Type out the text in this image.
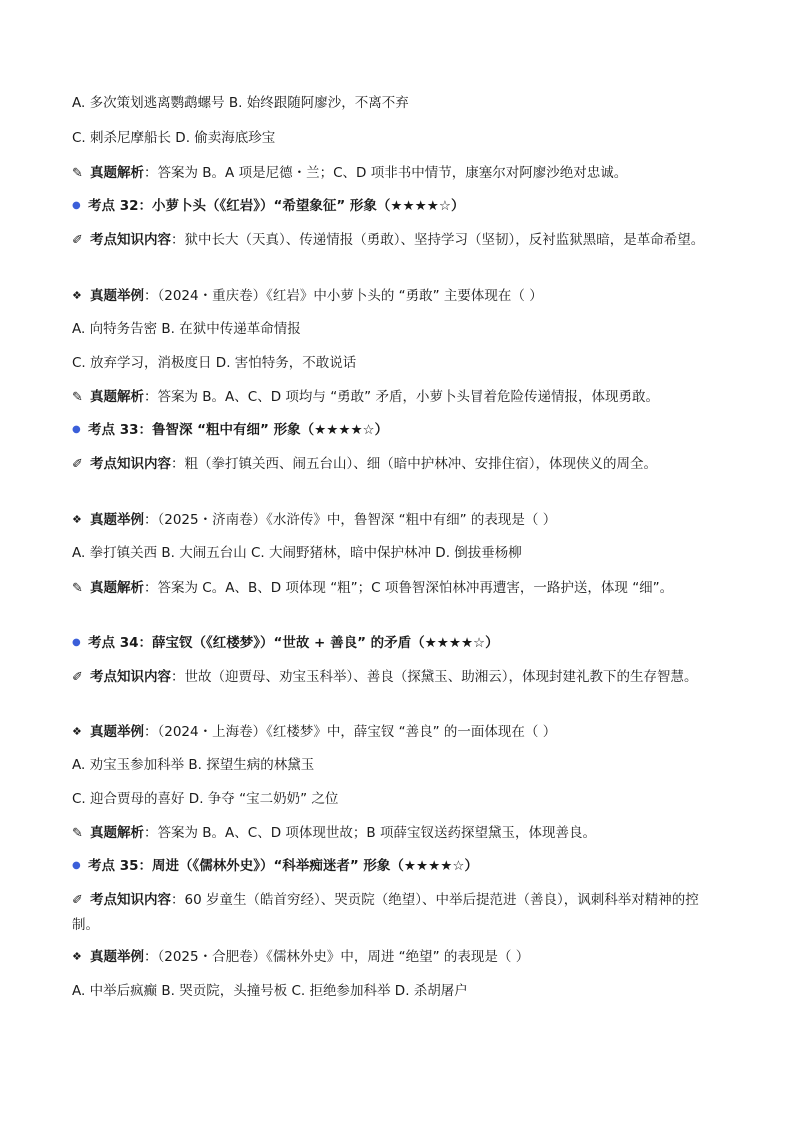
A. 多次策划逃离鹦鹉螺号 B. 始终跟随阿廖沙，不离不弃
C. 刺杀尼摩船长 D. 偷卖海底珍宝
✎ 真题解析：答案为 B。A 项是尼德・兰；C、D 项非书中情节，康塞尔对阿廖沙绝对忠诚。
● 考点 32：小萝卜头（《红岩》）“希望象征” 形象（★★★★☆）
✐ 考点知识内容：狱中长大（天真）、传递情报（勇敢）、坚持学习（坚韧），反衬监狱黑暗，是革命希望。
❖ 真题举例：（2024・重庆卷）《红岩》中小萝卜头的 “勇敢” 主要体现在（ ）
A. 向特务告密 B. 在狱中传递革命情报
C. 放弃学习，消极度日 D. 害怕特务，不敢说话
✎ 真题解析：答案为 B。A、C、D 项均与 “勇敢” 矛盾，小萝卜头冒着危险传递情报，体现勇敢。
● 考点 33：鲁智深 “粗中有细” 形象（★★★★☆）
✐ 考点知识内容：粗（拳打镇关西、闹五台山）、细（暗中护林冲、安排住宿），体现侠义的周全。
❖ 真题举例：（2025・济南卷）《水浒传》中，鲁智深 “粗中有细” 的表现是（ ）
A. 拳打镇关西 B. 大闹五台山 C. 大闹野猪林，暗中保护林冲 D. 倒拔垂杨柳
✎ 真题解析：答案为 C。A、B、D 项体现 “粗”；C 项鲁智深怕林冲再遭害，一路护送，体现 “细”。
● 考点 34：薛宝钗（《红楼梦》）“世故 + 善良” 的矛盾（★★★★☆）
✐ 考点知识内容：世故（迎贾母、劝宝玉科举）、善良（探黛玉、助湘云），体现封建礼教下的生存智慧。
❖ 真题举例：（2024・上海卷）《红楼梦》中，薛宝钗 “善良” 的一面体现在（ ）
A. 劝宝玉参加科举 B. 探望生病的林黛玉
C. 迎合贾母的喜好 D. 争夺 “宝二奶奶” 之位
✎ 真题解析：答案为 B。A、C、D 项体现世故；B 项薛宝钗送药探望黛玉，体现善良。
● 考点 35：周进（《儒林外史》）“科举痴迷者” 形象（★★★★☆）
✐ 考点知识内容：60 岁童生（皓首穷经）、哭贡院（绝望）、中举后提范进（善良），讽刺科举对精神的控制。
❖ 真题举例：（2025・合肥卷）《儒林外史》中，周进 “绝望” 的表现是（ ）
A. 中举后疯癫 B. 哭贡院，头撞号板 C. 拒绝参加科举 D. 杀胡屠户
